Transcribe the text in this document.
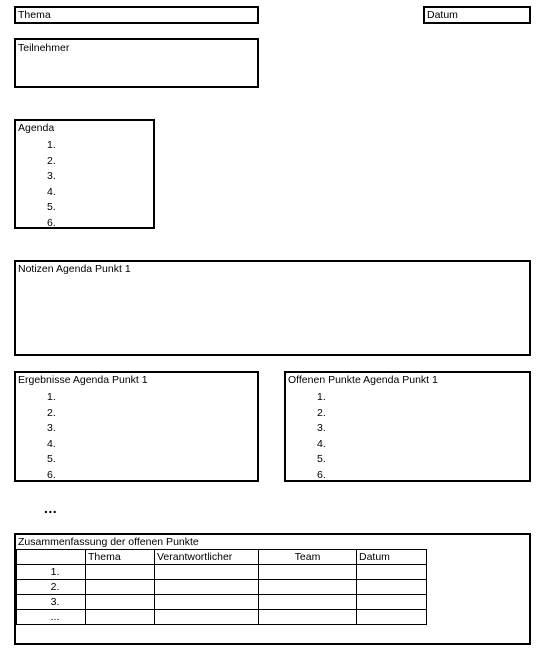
Thema	Datum
Teilnehmer
Agenda
1.
2.
3.
4.
5.
6.
Notizen Agenda Punkt 1
Ergebnisse Agenda Punkt 1
1.
2.
3.
4.
5.
6.
Offenen Punkte Agenda Punkt 1
1.
2.
3.
4.
5.
6.
...
Zusammenfassung der offenen Punkte
	Thema	Verantwortlicher	Team	Datum
1.				
2.				
3.				
...				
